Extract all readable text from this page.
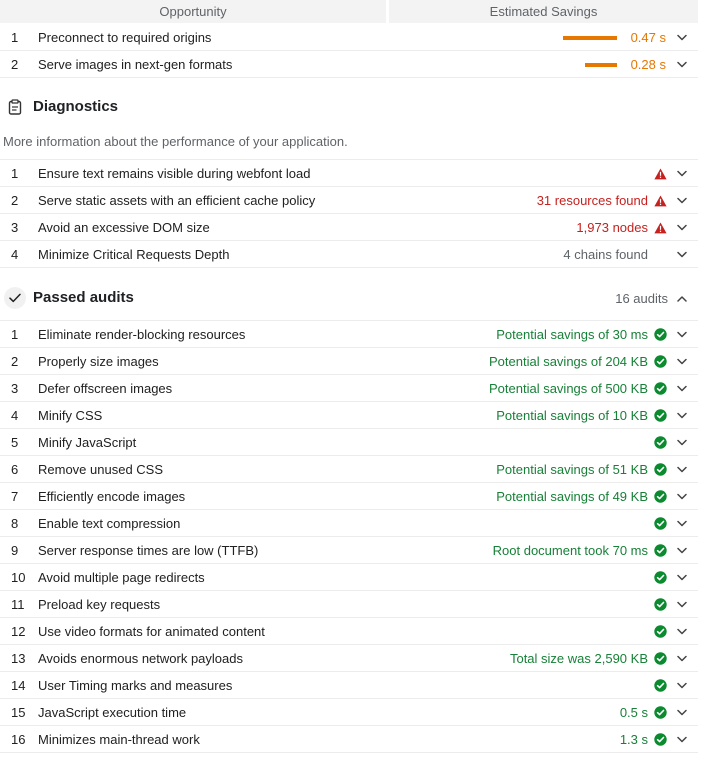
Opportunity	Estimated Savings
1	Preconnect to required origins	0.47 s
2	Serve images in next-gen formats	0.28 s
Diagnostics
More information about the performance of your application.
1	Ensure text remains visible during webfont load
2	Serve static assets with an efficient cache policy	31 resources found
3	Avoid an excessive DOM size	1,973 nodes
4	Minimize Critical Requests Depth	4 chains found
Passed audits	16 audits
1	Eliminate render-blocking resources	Potential savings of 30 ms
2	Properly size images	Potential savings of 204 KB
3	Defer offscreen images	Potential savings of 500 KB
4	Minify CSS	Potential savings of 10 KB
5	Minify JavaScript
6	Remove unused CSS	Potential savings of 51 KB
7	Efficiently encode images	Potential savings of 49 KB
8	Enable text compression
9	Server response times are low (TTFB)	Root document took 70 ms
10 Avoid multiple page redirects
11	Preload key requests
12 Use video formats for animated content
13 Avoids enormous network payloads	Total size was 2,590 KB
14 User Timing marks and measures
15 JavaScript execution time	0.5 s
16 Minimizes main-thread work	1.3 s
